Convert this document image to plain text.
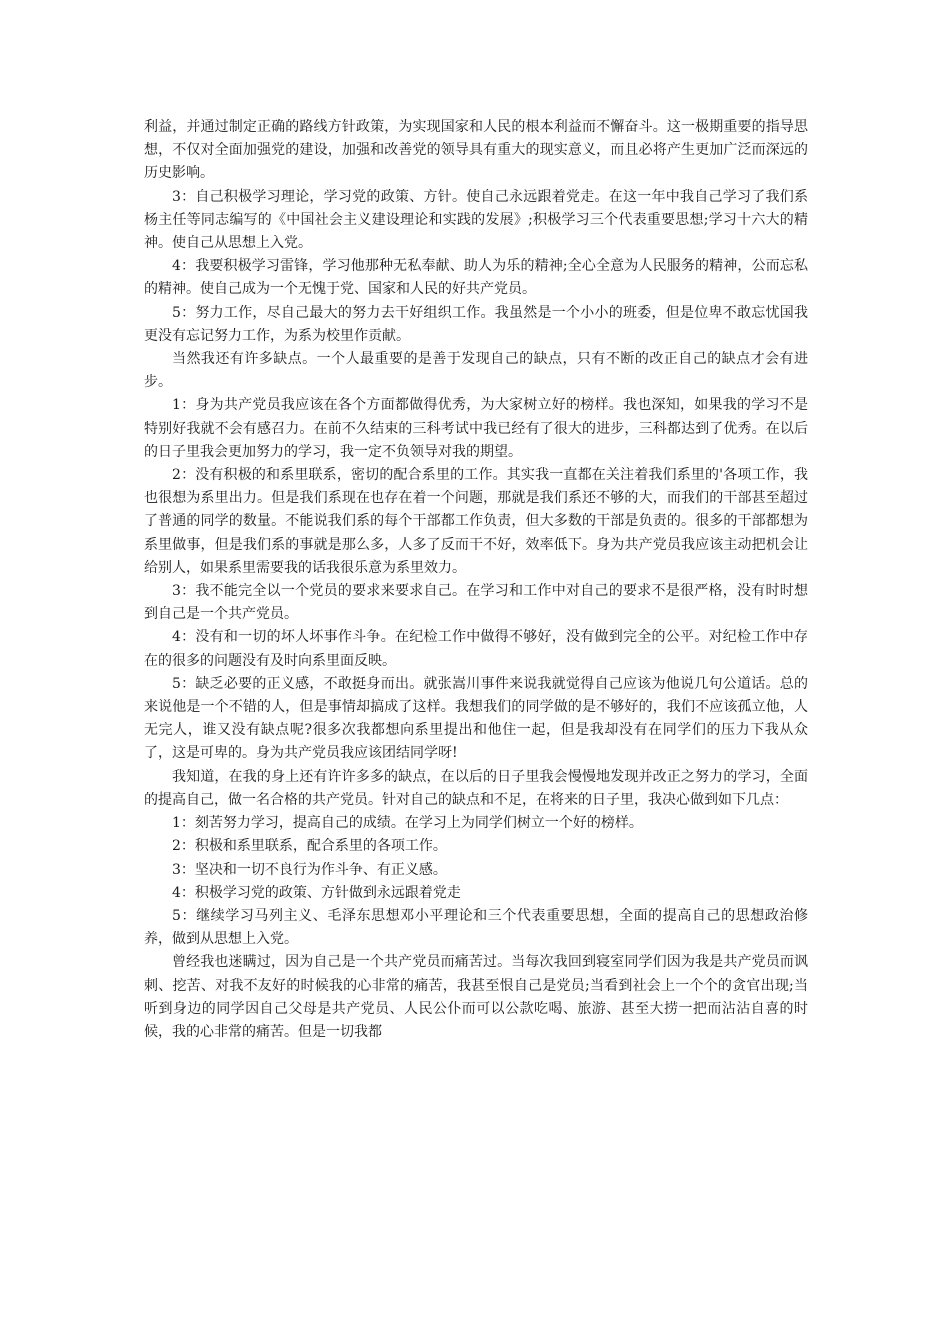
利益，并通过制定正确的路线方针政策，为实现国家和人民的根本利益而不懈奋斗。这一极期重要的指导思想，不仅对全面加强党的建设，加强和改善党的领导具有重大的现实意义，而且必将产生更加广泛而深远的历史影响。

3：自己积极学习理论，学习党的政策、方针。使自己永远跟着党走。在这一年中我自己学习了我们系杨主任等同志编写的《中国社会主义建设理论和实践的发展》;积极学习三个代表重要思想;学习十六大的精神。使自己从思想上入党。

4：我要积极学习雷锋，学习他那种无私奉献、助人为乐的精神;全心全意为人民服务的精神，公而忘私的精神。使自己成为一个无愧于党、国家和人民的好共产党员。

5：努力工作，尽自己最大的努力去干好组织工作。我虽然是一个小小的班委，但是位卑不敢忘忧国我更没有忘记努力工作，为系为校里作贡献。

当然我还有许多缺点。一个人最重要的是善于发现自己的缺点，只有不断的改正自己的缺点才会有进步。

1：身为共产党员我应该在各个方面都做得优秀，为大家树立好的榜样。我也深知，如果我的学习不是特别好我就不会有感召力。在前不久结束的三科考试中我已经有了很大的进步，三科都达到了优秀。在以后的日子里我会更加努力的学习，我一定不负领导对我的期望。

2：没有积极的和系里联系，密切的配合系里的工作。其实我一直都在关注着我们系里的'各项工作，我也很想为系里出力。但是我们系现在也存在着一个问题，那就是我们系还不够的大，而我们的干部甚至超过了普通的同学的数量。不能说我们系的每个干部都工作负责，但大多数的干部是负责的。很多的干部都想为系里做事，但是我们系的事就是那么多，人多了反而干不好，效率低下。身为共产党员我应该主动把机会让给别人，如果系里需要我的话我很乐意为系里效力。

3：我不能完全以一个党员的要求来要求自己。在学习和工作中对自己的要求不是很严格，没有时时想到自己是一个共产党员。

4：没有和一切的坏人坏事作斗争。在纪检工作中做得不够好，没有做到完全的公平。对纪检工作中存在的很多的问题没有及时向系里面反映。

5：缺乏必要的正义感，不敢挺身而出。就张嵩川事件来说我就觉得自己应该为他说几句公道话。总的来说他是一个不错的人，但是事情却搞成了这样。我想我们的同学做的是不够好的，我们不应该孤立他，人无完人，谁又没有缺点呢?很多次我都想向系里提出和他住一起，但是我却没有在同学们的压力下我从众了，这是可卑的。身为共产党员我应该团结同学呀!

我知道，在我的身上还有许许多多的缺点，在以后的日子里我会慢慢地发现并改正之努力的学习，全面的提高自己，做一名合格的共产党员。针对自己的缺点和不足，在将来的日子里，我决心做到如下几点：

1：刻苦努力学习，提高自己的成绩。在学习上为同学们树立一个好的榜样。

2：积极和系里联系，配合系里的各项工作。

3：坚决和一切不良行为作斗争、有正义感。

4：积极学习党的政策、方针做到永远跟着党走

5：继续学习马列主义、毛泽东思想邓小平理论和三个代表重要思想，全面的提高自己的思想政治修养，做到从思想上入党。

曾经我也迷瞒过，因为自己是一个共产党员而痛苦过。当每次我回到寝室同学们因为我是共产党员而讽刺、挖苦、对我不友好的时候我的心非常的痛苦，我甚至恨自己是党员;当看到社会上一个个的贪官出现;当听到身边的同学因自己父母是共产党员、人民公仆而可以公款吃喝、旅游、甚至大捞一把而沾沾自喜的时候，我的心非常的痛苦。但是一切我都
